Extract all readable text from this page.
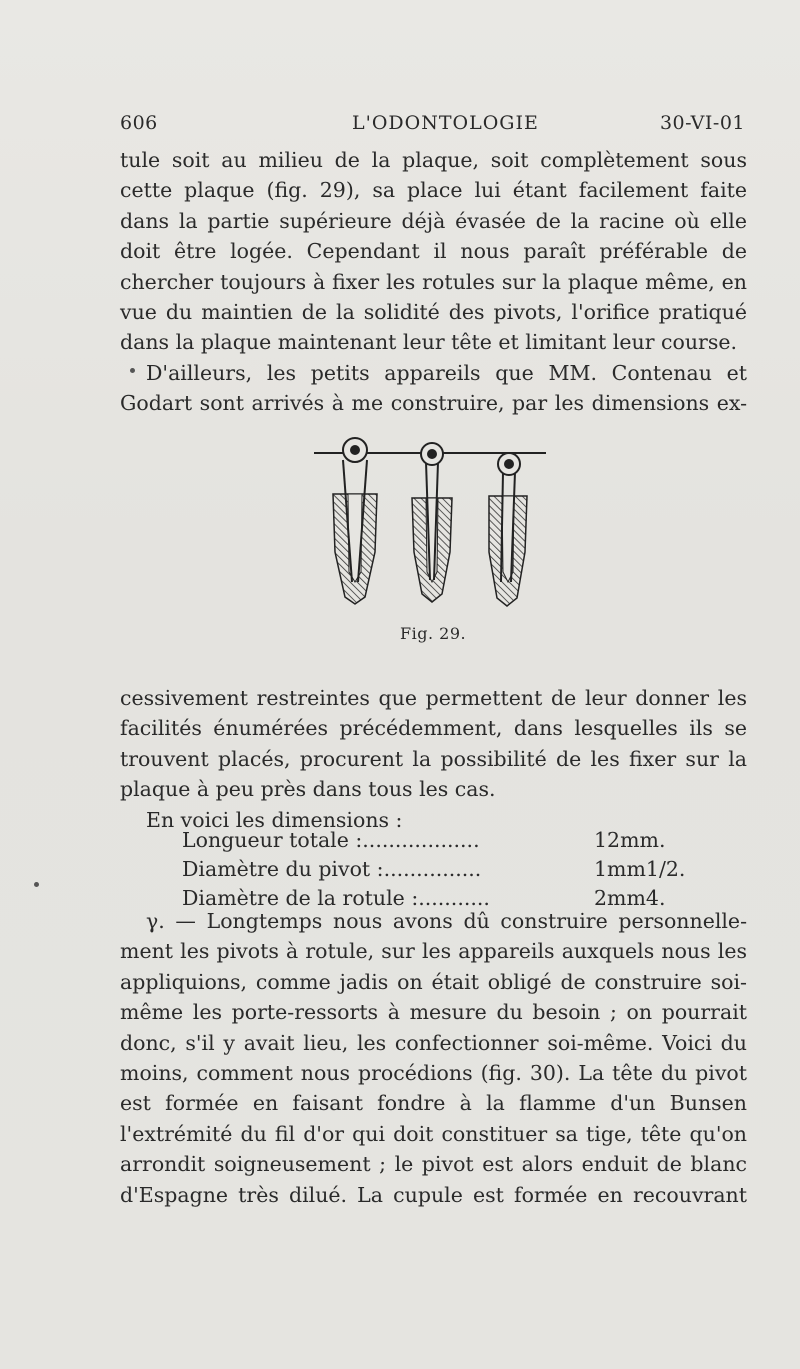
606	L'ODONTOLOGIE	30-VI-01

tule soit au milieu de la plaque, soit complètement sous

cette plaque (fig. 29), sa place lui étant facilement faite

dans la partie supérieure déjà évasée de la racine où elle

doit être logée. Cependant il nous paraît préférable de

chercher toujours à fixer les rotules sur la plaque même, en

vue du maintien de la solidité des pivots, l'orifice pratiqué

dans la plaque maintenant leur tête et limitant leur course.

D'ailleurs, les petits appareils que MM. Contenau et

Godart sont arrivés à me construire, par les dimensions ex-

Fig. 29.

cessivement restreintes que permettent de leur donner les

facilités énumérées précédemment, dans lesquelles ils se

trouvent placés, procurent la possibilité de les fixer sur la

plaque à peu près dans tous les cas.

En voici les dimensions :

Longueur totale :..................	12mm.
Diamètre du pivot :...............	1mm1/2.
Diamètre de la rotule :...........	2mm4.

γ. — Longtemps nous avons dû construire personnelle-

ment les pivots à rotule, sur les appareils auxquels nous les

appliquions, comme jadis on était obligé de construire soi-

même les porte-ressorts à mesure du besoin ; on pourrait

donc, s'il y avait lieu, les confectionner soi-même. Voici du

moins, comment nous procédions (fig. 30). La tête du pivot

est formée en faisant fondre à la flamme d'un Bunsen

l'extrémité du fil d'or qui doit constituer sa tige, tête qu'on

arrondit soigneusement ; le pivot est alors enduit de blanc

d'Espagne très dilué. La cupule est formée en recouvrant
